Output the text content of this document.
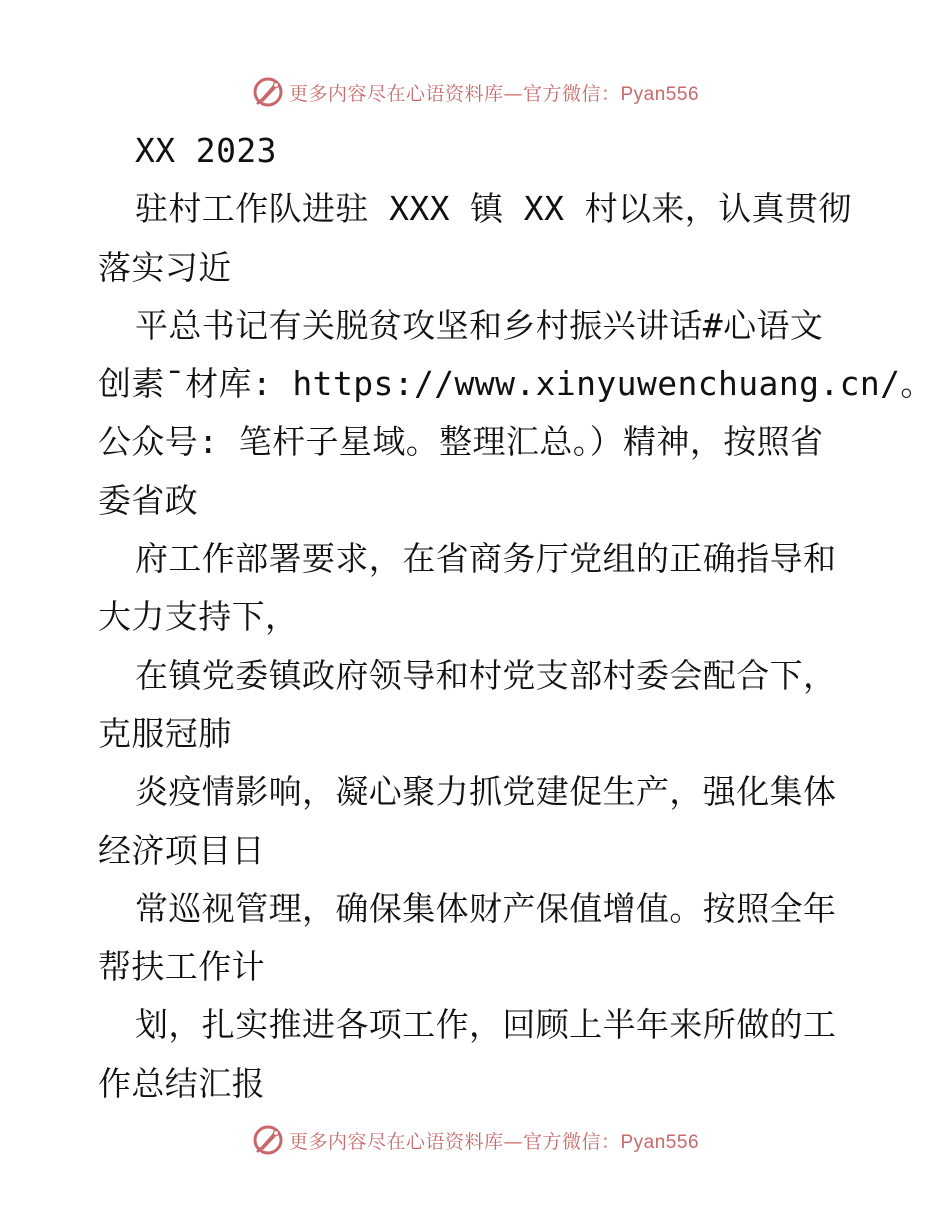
更多内容尽在心语资料库—官方微信：Pyan556
XX 2023
驻村工作队进驻 XXX 镇 XX 村以来，认真贯彻
落实习近
平总书记有关脱贫攻坚和乡村振兴讲话#心语文
创素¯材库: https://www.xinyuwenchuang.cn/。
公众号: 笔杆子星域。整理汇总。）精神，按照省
委省政
府工作部署要求，在省商务厅党组的正确指导和
大力支持下，
在镇党委镇政府领导和村党支部村委会配合下，
克服冠肺
炎疫情影响，凝心聚力抓党建促生产，强化集体
经济项目日
常巡视管理，确保集体财产保值增值。按照全年
帮扶工作计
划，扎实推进各项工作，回顾上半年来所做的工
作总结汇报
更多内容尽在心语资料库—官方微信：Pyan556
